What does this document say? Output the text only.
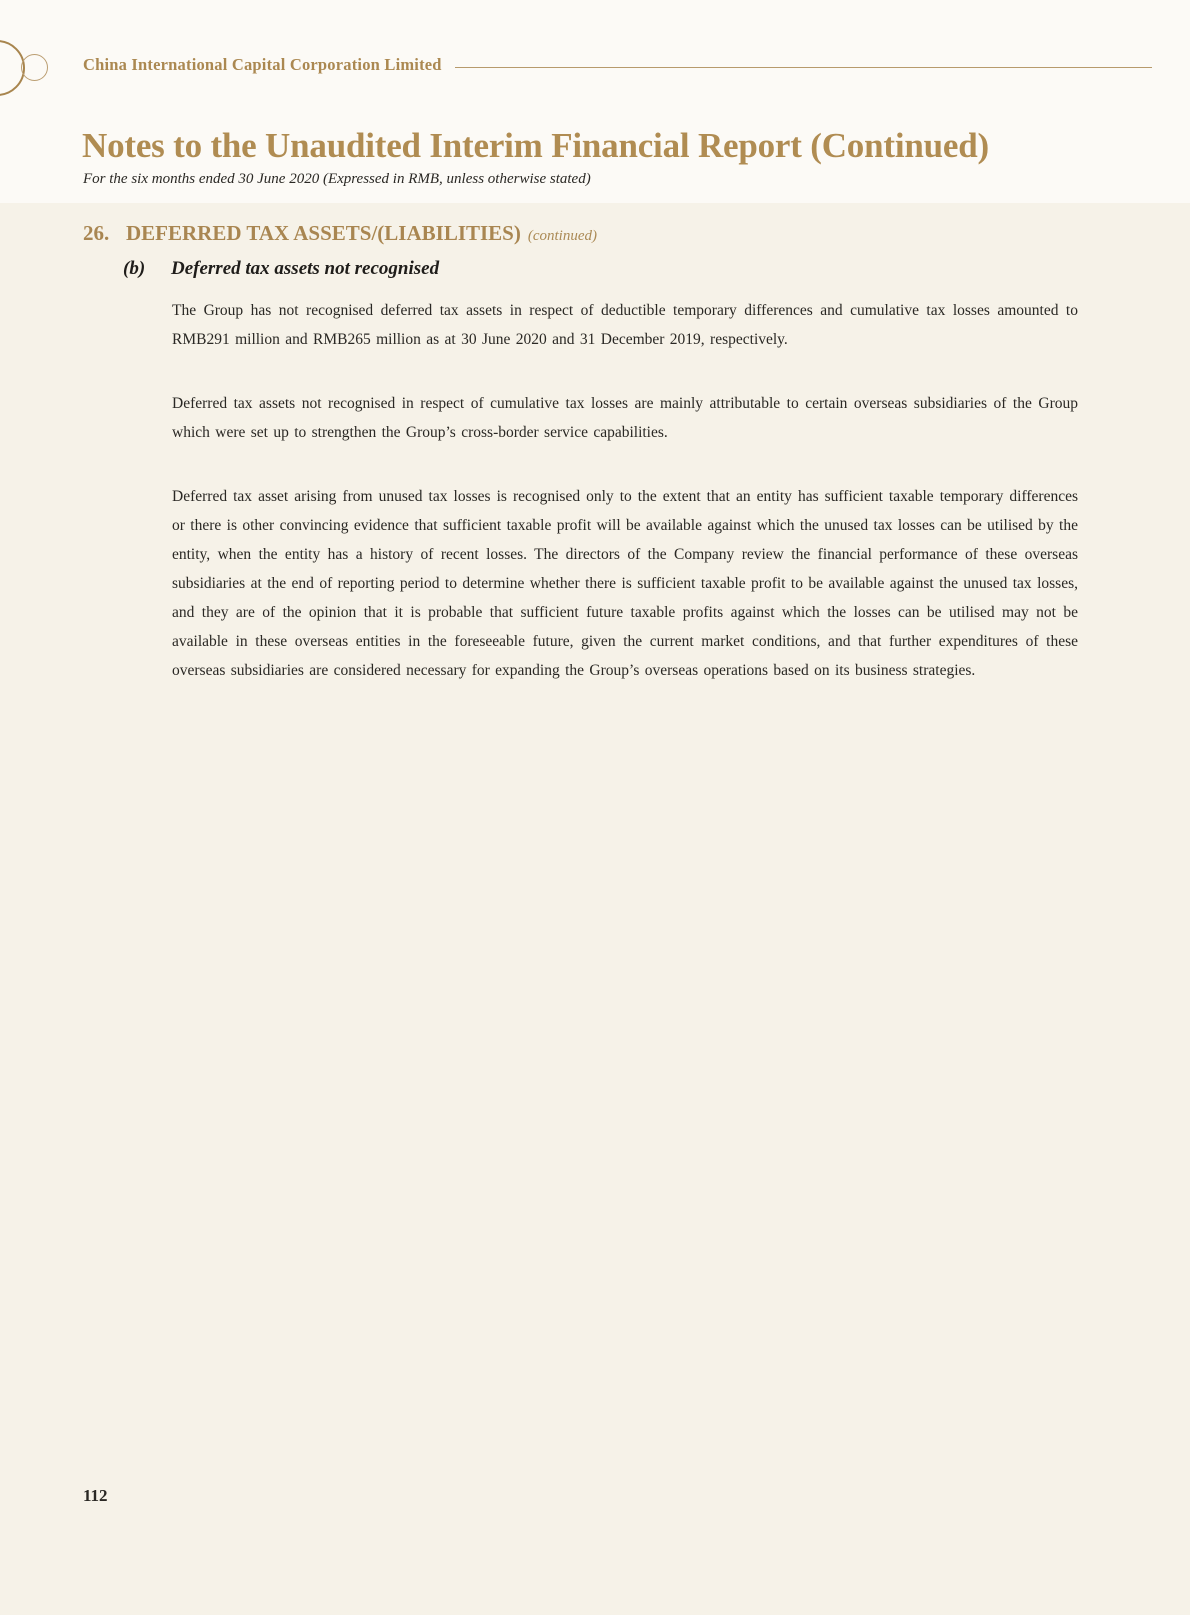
China International Capital Corporation Limited
Notes to the Unaudited Interim Financial Report (Continued)
For the six months ended 30 June 2020 (Expressed in RMB, unless otherwise stated)
26. DEFERRED TAX ASSETS/(LIABILITIES) (continued)
(b) Deferred tax assets not recognised

The Group has not recognised deferred tax assets in respect of deductible temporary differences and cumulative tax losses amounted to RMB291 million and RMB265 million as at 30 June 2020 and 31 December 2019, respectively.

Deferred tax assets not recognised in respect of cumulative tax losses are mainly attributable to certain overseas subsidiaries of the Group which were set up to strengthen the Group’s cross-border service capabilities.

Deferred tax asset arising from unused tax losses is recognised only to the extent that an entity has sufficient taxable temporary differences or there is other convincing evidence that sufficient taxable profit will be available against which the unused tax losses can be utilised by the entity, when the entity has a history of recent losses. The directors of the Company review the financial performance of these overseas subsidiaries at the end of reporting period to determine whether there is sufficient taxable profit to be available against the unused tax losses, and they are of the opinion that it is probable that sufficient future taxable profits against which the losses can be utilised may not be available in these overseas entities in the foreseeable future, given the current market conditions, and that further expenditures of these overseas subsidiaries are considered necessary for expanding the Group’s overseas operations based on its business strategies.

112
